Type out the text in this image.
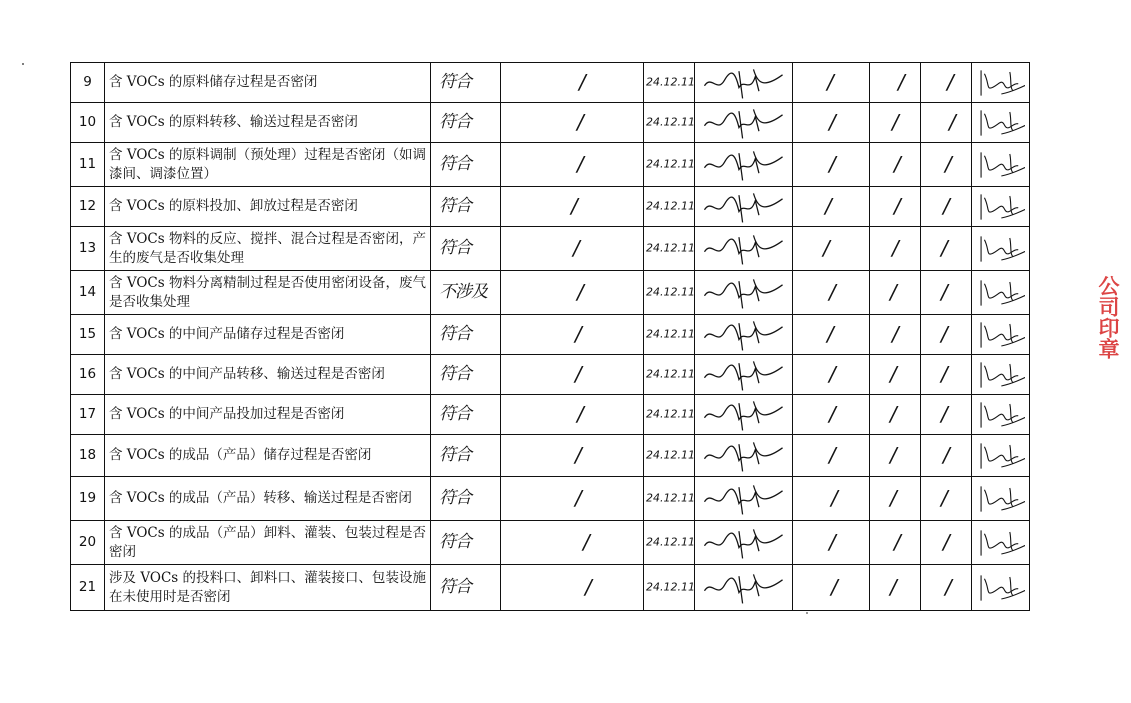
9	含 VOCs 的原料储存过程是否密闭	符合	/	24.12.11		/	/	/

10	含 VOCs 的原料转移、输送过程是否密闭	符合	/	24.12.11		/	/	/

11	含 VOCs 的原料调制（预处理）过程是否密闭（如调漆间、调漆位置）	符合	/	24.12.11		/	/	/

12	含 VOCs 的原料投加、卸放过程是否密闭	符合	/	24.12.11		/	/	/

13	含 VOCs 物料的反应、搅拌、混合过程是否密闭，产生的废气是否收集处理	符合	/	24.12.11		/	/	/

14	含 VOCs 物料分离精制过程是否使用密闭设备，废气是否收集处理	不涉及	/	24.12.11		/	/	/

15	含 VOCs 的中间产品储存过程是否密闭	符合	/	24.12.11		/	/	/

16	含 VOCs 的中间产品转移、输送过程是否密闭	符合	/	24.12.11		/	/	/

17	含 VOCs 的中间产品投加过程是否密闭	符合	/	24.12.11		/	/	/

18	含 VOCs 的成品（产品）储存过程是否密闭	符合	/	24.12.11		/	/	/

19	含 VOCs 的成品（产品）转移、输送过程是否密闭	符合	/	24.12.11		/	/	/

20	含 VOCs 的成品（产品）卸料、灌装、包装过程是否密闭	符合	/	24.12.11		/	/	/

21	涉及 VOCs 的投料口、卸料口、灌装接口、包装设施在未使用时是否密闭	符合	/	24.12.11		/	/	/

公司印章
